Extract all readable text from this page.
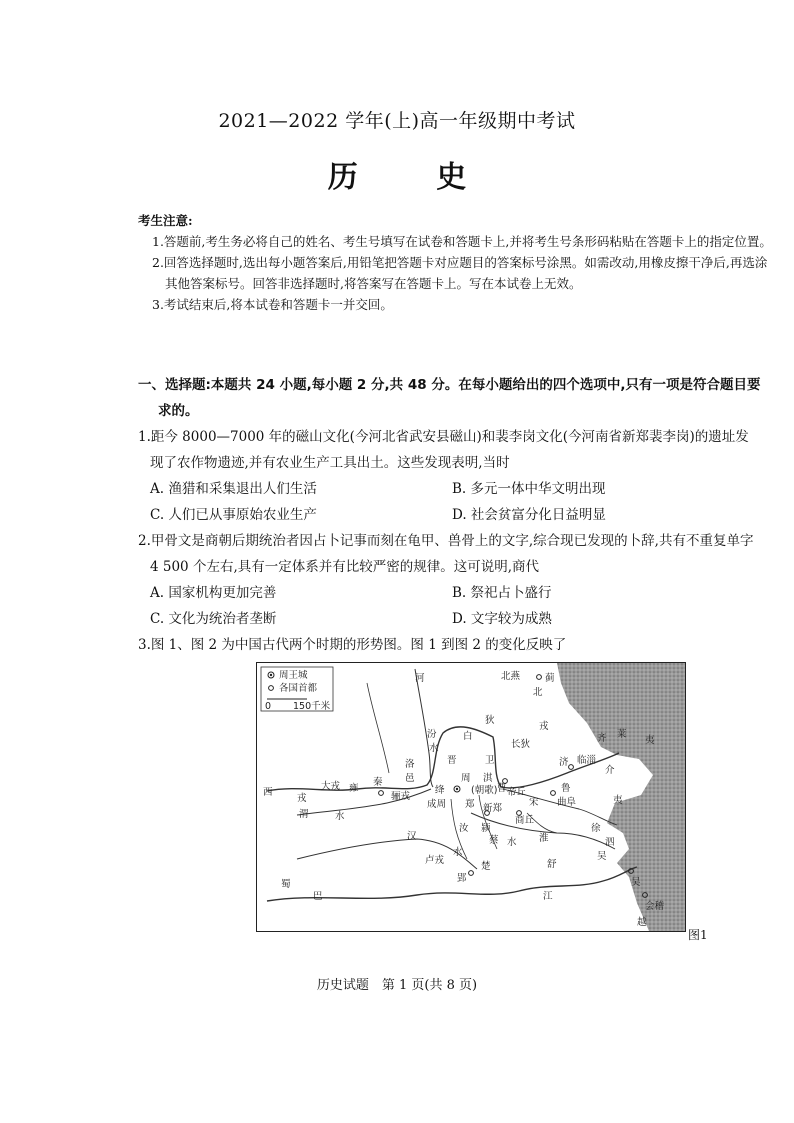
2021—2022 学年(上)高一年级期中考试
历 史
考生注意:
1.答题前,考生务必将自己的姓名、考生号填写在试卷和答题卡上,并将考生号条形码粘贴在答题卡上的指定位置。
2.回答选择题时,选出每小题答案后,用铅笔把答题卡对应题目的答案标号涂黑。如需改动,用橡皮擦干净后,再选涂其他答案标号。回答非选择题时,将答案写在答题卡上。写在本试卷上无效。
3.考试结束后,将本试卷和答题卡一并交回。
一、选择题:本题共 24 小题,每小题 2 分,共 48 分。在每小题给出的四个选项中,只有一项是符合题目要
求的。
1.距今 8000—7000 年的磁山文化(今河北省武安县磁山)和裴李岗文化(今河南省新郑裴李岗)的遗址发
现了农作物遗迹,并有农业生产工具出土。这些发现表明,当时
A. 渔猎和采集退出人们生活	B. 多元一体中华文明出现
C. 人们已从事原始农业生产	D. 社会贫富分化日益明显
2.甲骨文是商朝后期统治者因占卜记事而刻在龟甲、兽骨上的文字,综合现已发现的卜辞,共有不重复单字
4 500 个左右,具有一定体系并有比较严密的规律。这可说明,商代
A. 国家机构更加完善	B. 祭祀占卜盛行
C. 文化为统治者垄断	D. 文字较为成熟
3.图 1、图 2 为中国古代两个时期的形势图。图 1 到图 2 的变化反映了
周王城
各国首都
0 150千米
北燕	蓟
北
河
白
狄
戎
莱
夷
长狄
卫
淇
(朝歌) 帝丘
齐
临淄
济
鲁
曲阜
介
汾
水
晋
绛
周
洛
邑
西
戎
大戎	秦
雍
骊戎
渭	水
成周 郑 新郑
宋
商丘
曹
汝 颍
蔡 水 淮
徐
泗
汉
卢戎
水
楚
郢
舒
吴
吴
江
蜀
巴
会稽
越
夷
图1
历史试题　第 1 页(共 8 页)
